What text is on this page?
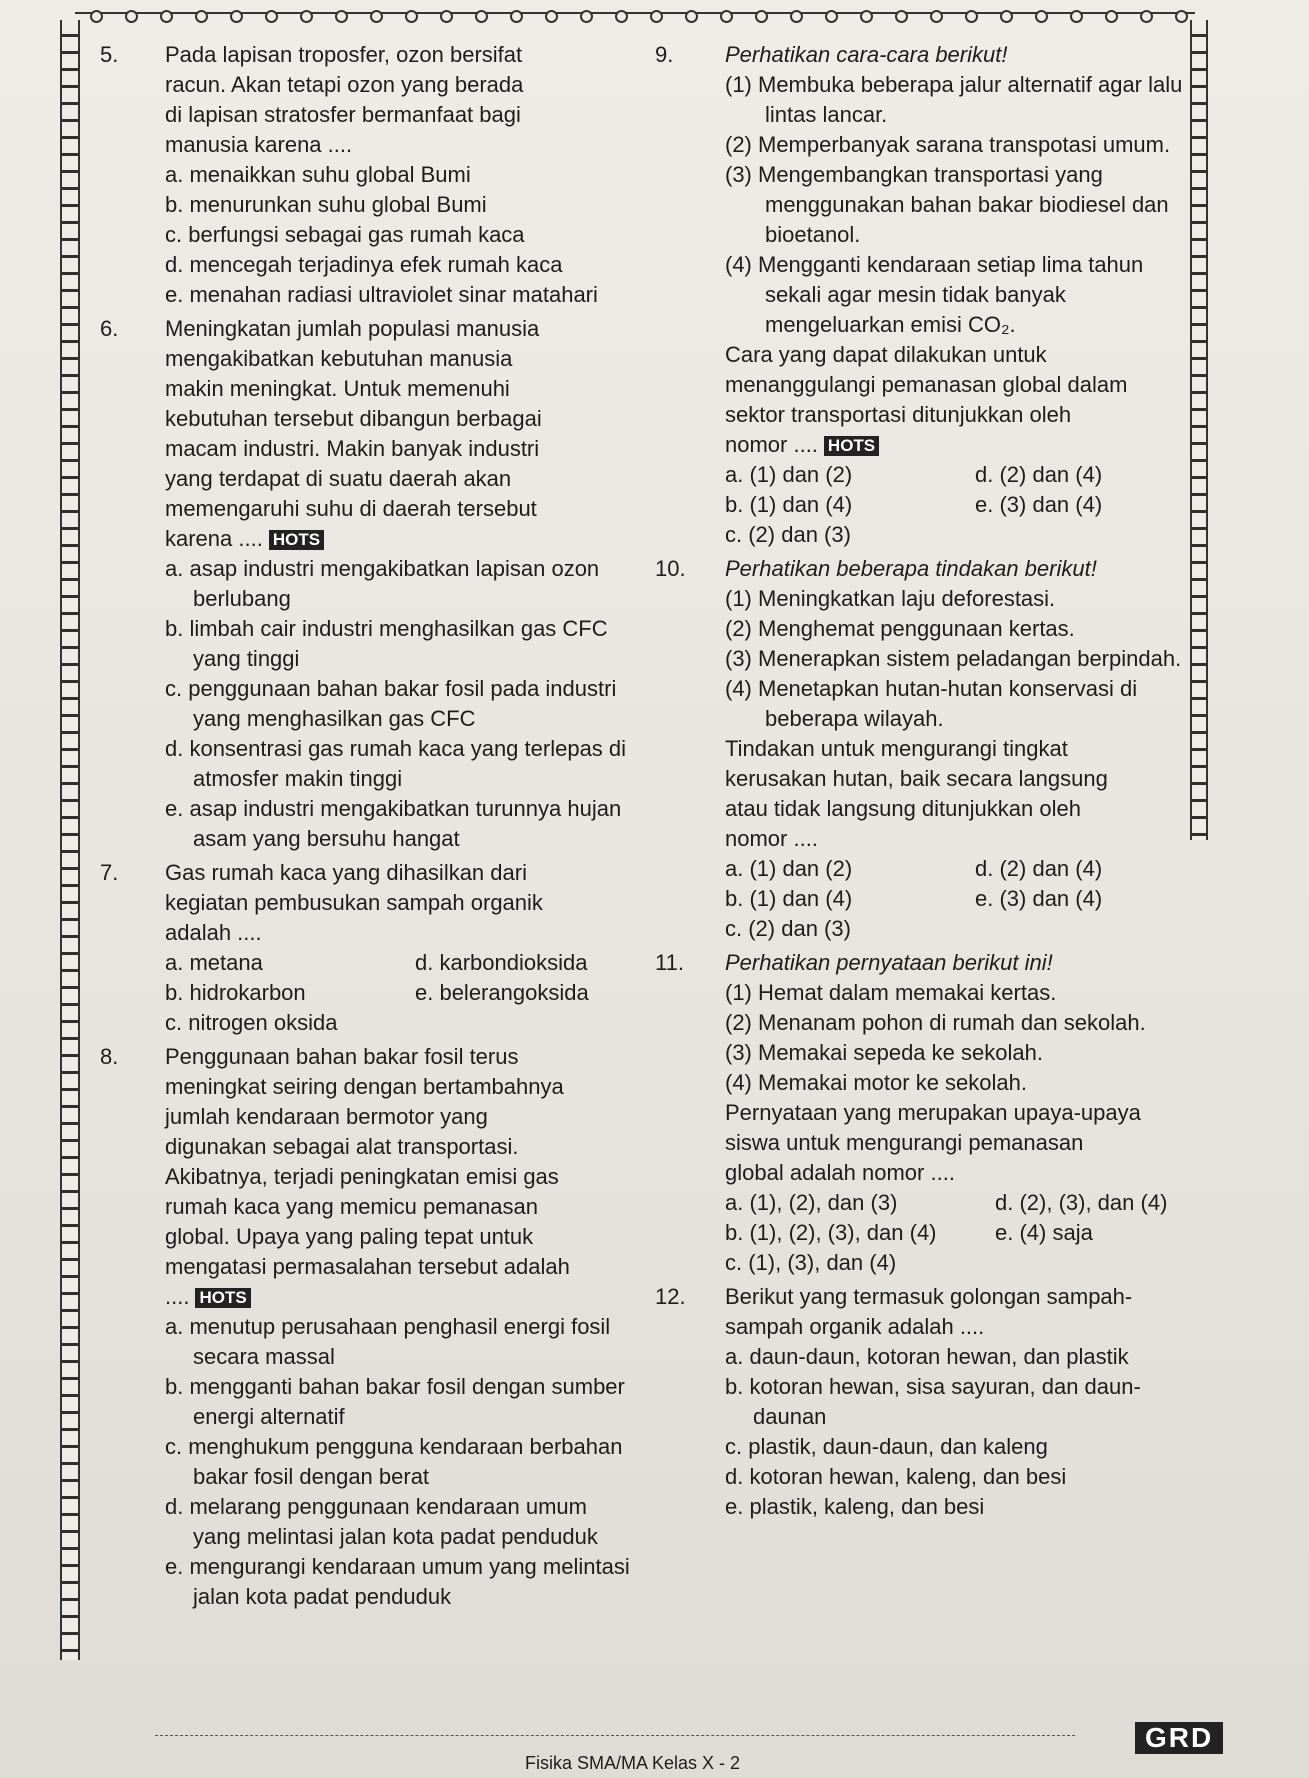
5.	Pada lapisan troposfer, ozon bersifat
racun. Akan tetapi ozon yang berada
di lapisan stratosfer bermanfaat bagi
manusia karena ....
a. menaikkan suhu global Bumi
b. menurunkan suhu global Bumi
c. berfungsi sebagai gas rumah kaca
d. mencegah terjadinya efek rumah kaca
e. menahan radiasi ultraviolet sinar matahari
6.	Meningkatan jumlah populasi manusia
mengakibatkan kebutuhan manusia
makin meningkat. Untuk memenuhi
kebutuhan tersebut dibangun berbagai
macam industri. Makin banyak industri
yang terdapat di suatu daerah akan
memengaruhi suhu di daerah tersebut
karena .... HOTS
a. asap industri mengakibatkan lapisan ozon berlubang
b. limbah cair industri menghasilkan gas CFC yang tinggi
c. penggunaan bahan bakar fosil pada industri yang menghasilkan gas CFC
d. konsentrasi gas rumah kaca yang terlepas di atmosfer makin tinggi
e. asap industri mengakibatkan turunnya hujan asam yang bersuhu hangat
7.	Gas rumah kaca yang dihasilkan dari
kegiatan pembusukan sampah organik
adalah ....
a. metana	d. karbondioksida
b. hidrokarbon	e. belerangoksida
c. nitrogen oksida
8.	Penggunaan bahan bakar fosil terus
meningkat seiring dengan bertambahnya
jumlah kendaraan bermotor yang
digunakan sebagai alat transportasi.
Akibatnya, terjadi peningkatan emisi gas
rumah kaca yang memicu pemanasan
global. Upaya yang paling tepat untuk
mengatasi permasalahan tersebut adalah
.... HOTS
a. menutup perusahaan penghasil energi fosil secara massal
b. mengganti bahan bakar fosil dengan sumber energi alternatif
c. menghukum pengguna kendaraan berbahan bakar fosil dengan berat
d. melarang penggunaan kendaraan umum yang melintasi jalan kota padat penduduk
e. mengurangi kendaraan umum yang melintasi jalan kota padat penduduk
9.	Perhatikan cara-cara berikut!
(1) Membuka beberapa jalur alternatif agar lalu lintas lancar.
(2) Memperbanyak sarana transpotasi umum.
(3) Mengembangkan transportasi yang menggunakan bahan bakar biodiesel dan bioetanol.
(4) Mengganti kendaraan setiap lima tahun sekali agar mesin tidak banyak mengeluarkan emisi CO₂.
Cara yang dapat dilakukan untuk
menanggulangi pemanasan global dalam
sektor transportasi ditunjukkan oleh
nomor .... HOTS
a. (1) dan (2)	d. (2) dan (4)
b. (1) dan (4)	e. (3) dan (4)
c. (2) dan (3)
10.	Perhatikan beberapa tindakan berikut!
(1) Meningkatkan laju deforestasi.
(2) Menghemat penggunaan kertas.
(3) Menerapkan sistem peladangan berpindah.
(4) Menetapkan hutan-hutan konservasi di beberapa wilayah.
Tindakan untuk mengurangi tingkat
kerusakan hutan, baik secara langsung
atau tidak langsung ditunjukkan oleh
nomor ....
a. (1) dan (2)	d. (2) dan (4)
b. (1) dan (4)	e. (3) dan (4)
c. (2) dan (3)
11.	Perhatikan pernyataan berikut ini!
(1) Hemat dalam memakai kertas.
(2) Menanam pohon di rumah dan sekolah.
(3) Memakai sepeda ke sekolah.
(4) Memakai motor ke sekolah.
Pernyataan yang merupakan upaya-upaya
siswa untuk mengurangi pemanasan
global adalah nomor ....
a. (1), (2), dan (3)	d. (2), (3), dan (4)
b. (1), (2), (3), dan (4)	e. (4) saja
c. (1), (3), dan (4)
12.	Berikut yang termasuk golongan sampah-
sampah organik adalah ....
a. daun-daun, kotoran hewan, dan plastik
b. kotoran hewan, sisa sayuran, dan daun-daunan
c. plastik, daun-daun, dan kaleng
d. kotoran hewan, kaleng, dan besi
e. plastik, kaleng, dan besi
Fisika SMA/MA Kelas X - 2
GRD
